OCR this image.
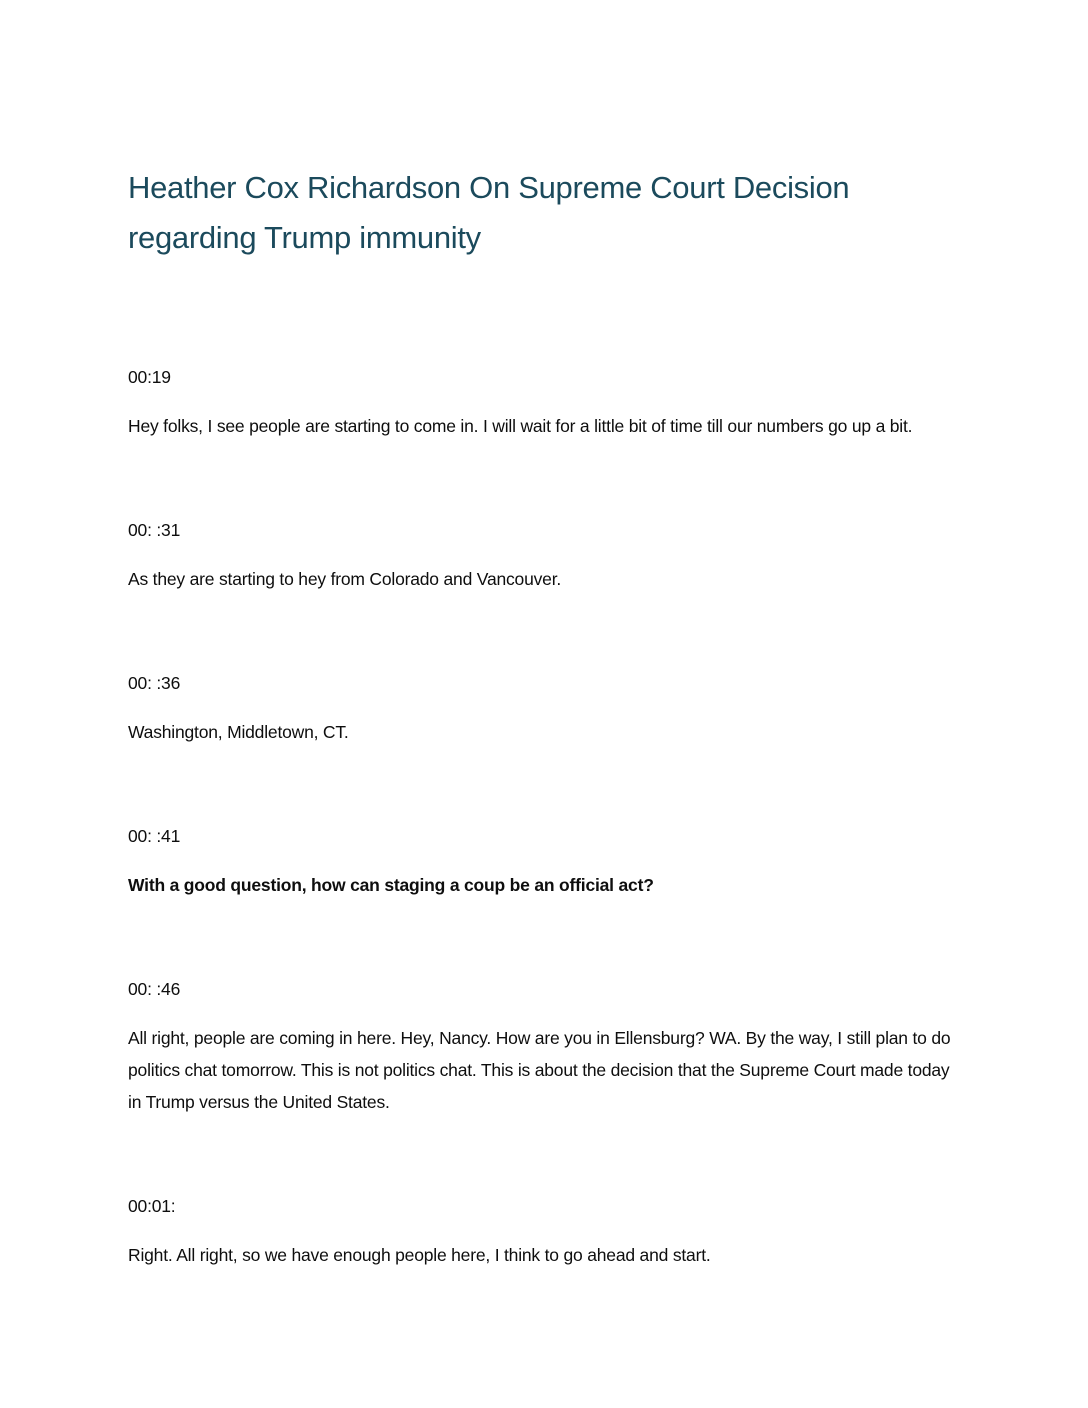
Heather Cox Richardson On Supreme Court Decision regarding Trump immunity
00:19

Hey folks, I see people are starting to come in. I will wait for a little bit of time till our numbers go up a bit.

00: :31

As they are starting to hey from Colorado and Vancouver.

00: :36

Washington, Middletown, CT.

00: :41

With a good question, how can staging a coup be an official act?

00: :46

All right, people are coming in here. Hey, Nancy. How are you in Ellensburg? WA. By the way, I still plan to do politics chat tomorrow. This is not politics chat. This is about the decision that the Supreme Court made today in Trump versus the United States.

00:01:

Right. All right, so we have enough people here, I think to go ahead and start.
